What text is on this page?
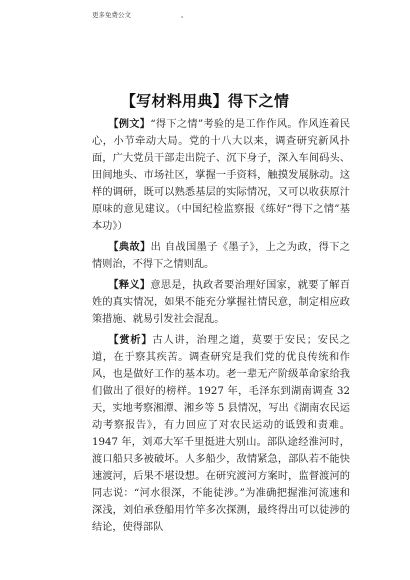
更多免费公文	。
【写材料用典】得下之情

【例文】“得下之情”考验的是工作作风。作风连着民心，小节牵动大局。党的十八大以来，调查研究新风扑面，广大党员干部走出院子、沉下身子，深入车间码头、田间地头、市场社区，掌握一手资料，触摸发展脉动。这样的调研，既可以熟悉基层的实际情况，又可以收获原汁原味的意见建议。（中国纪检监察报《练好“得下之情”基本功》）

【典故】出 自战国墨子《墨子》，上之为政，得下之情则治，不得下之情则乱。

【释义】意思是，执政者要治理好国家，就要了解百姓的真实情况，如果不能充分掌握社情民意，制定相应政策措施、就易引发社会混乱。

【赏析】古人讲，治理之道，莫要于安民；安民之道，在于察其疾苦。调查研究是我们党的优良传统和作风，也是做好工作的基本功。老一辈无产阶级革命家给我们做出了很好的榜样。1927 年，毛泽东到湖南调查 32 天，实地考察湘潭、湘乡等 5 县情况，写出《湖南农民运动考察报告》，有力回应了对农民运动的诋毁和责难。1947 年，刘邓大军千里挺进大别山。部队途经淮河时，渡口船只多被破坏。人多船少，敌情紧急，部队若不能快速渡河，后果不堪设想。在研究渡河方案时，监督渡河的同志说：“河水很深，不能徒涉。”为准确把握淮河流速和深浅，刘伯承登船用竹竿多次探测，最终得出可以徒涉的结论，使得部队
